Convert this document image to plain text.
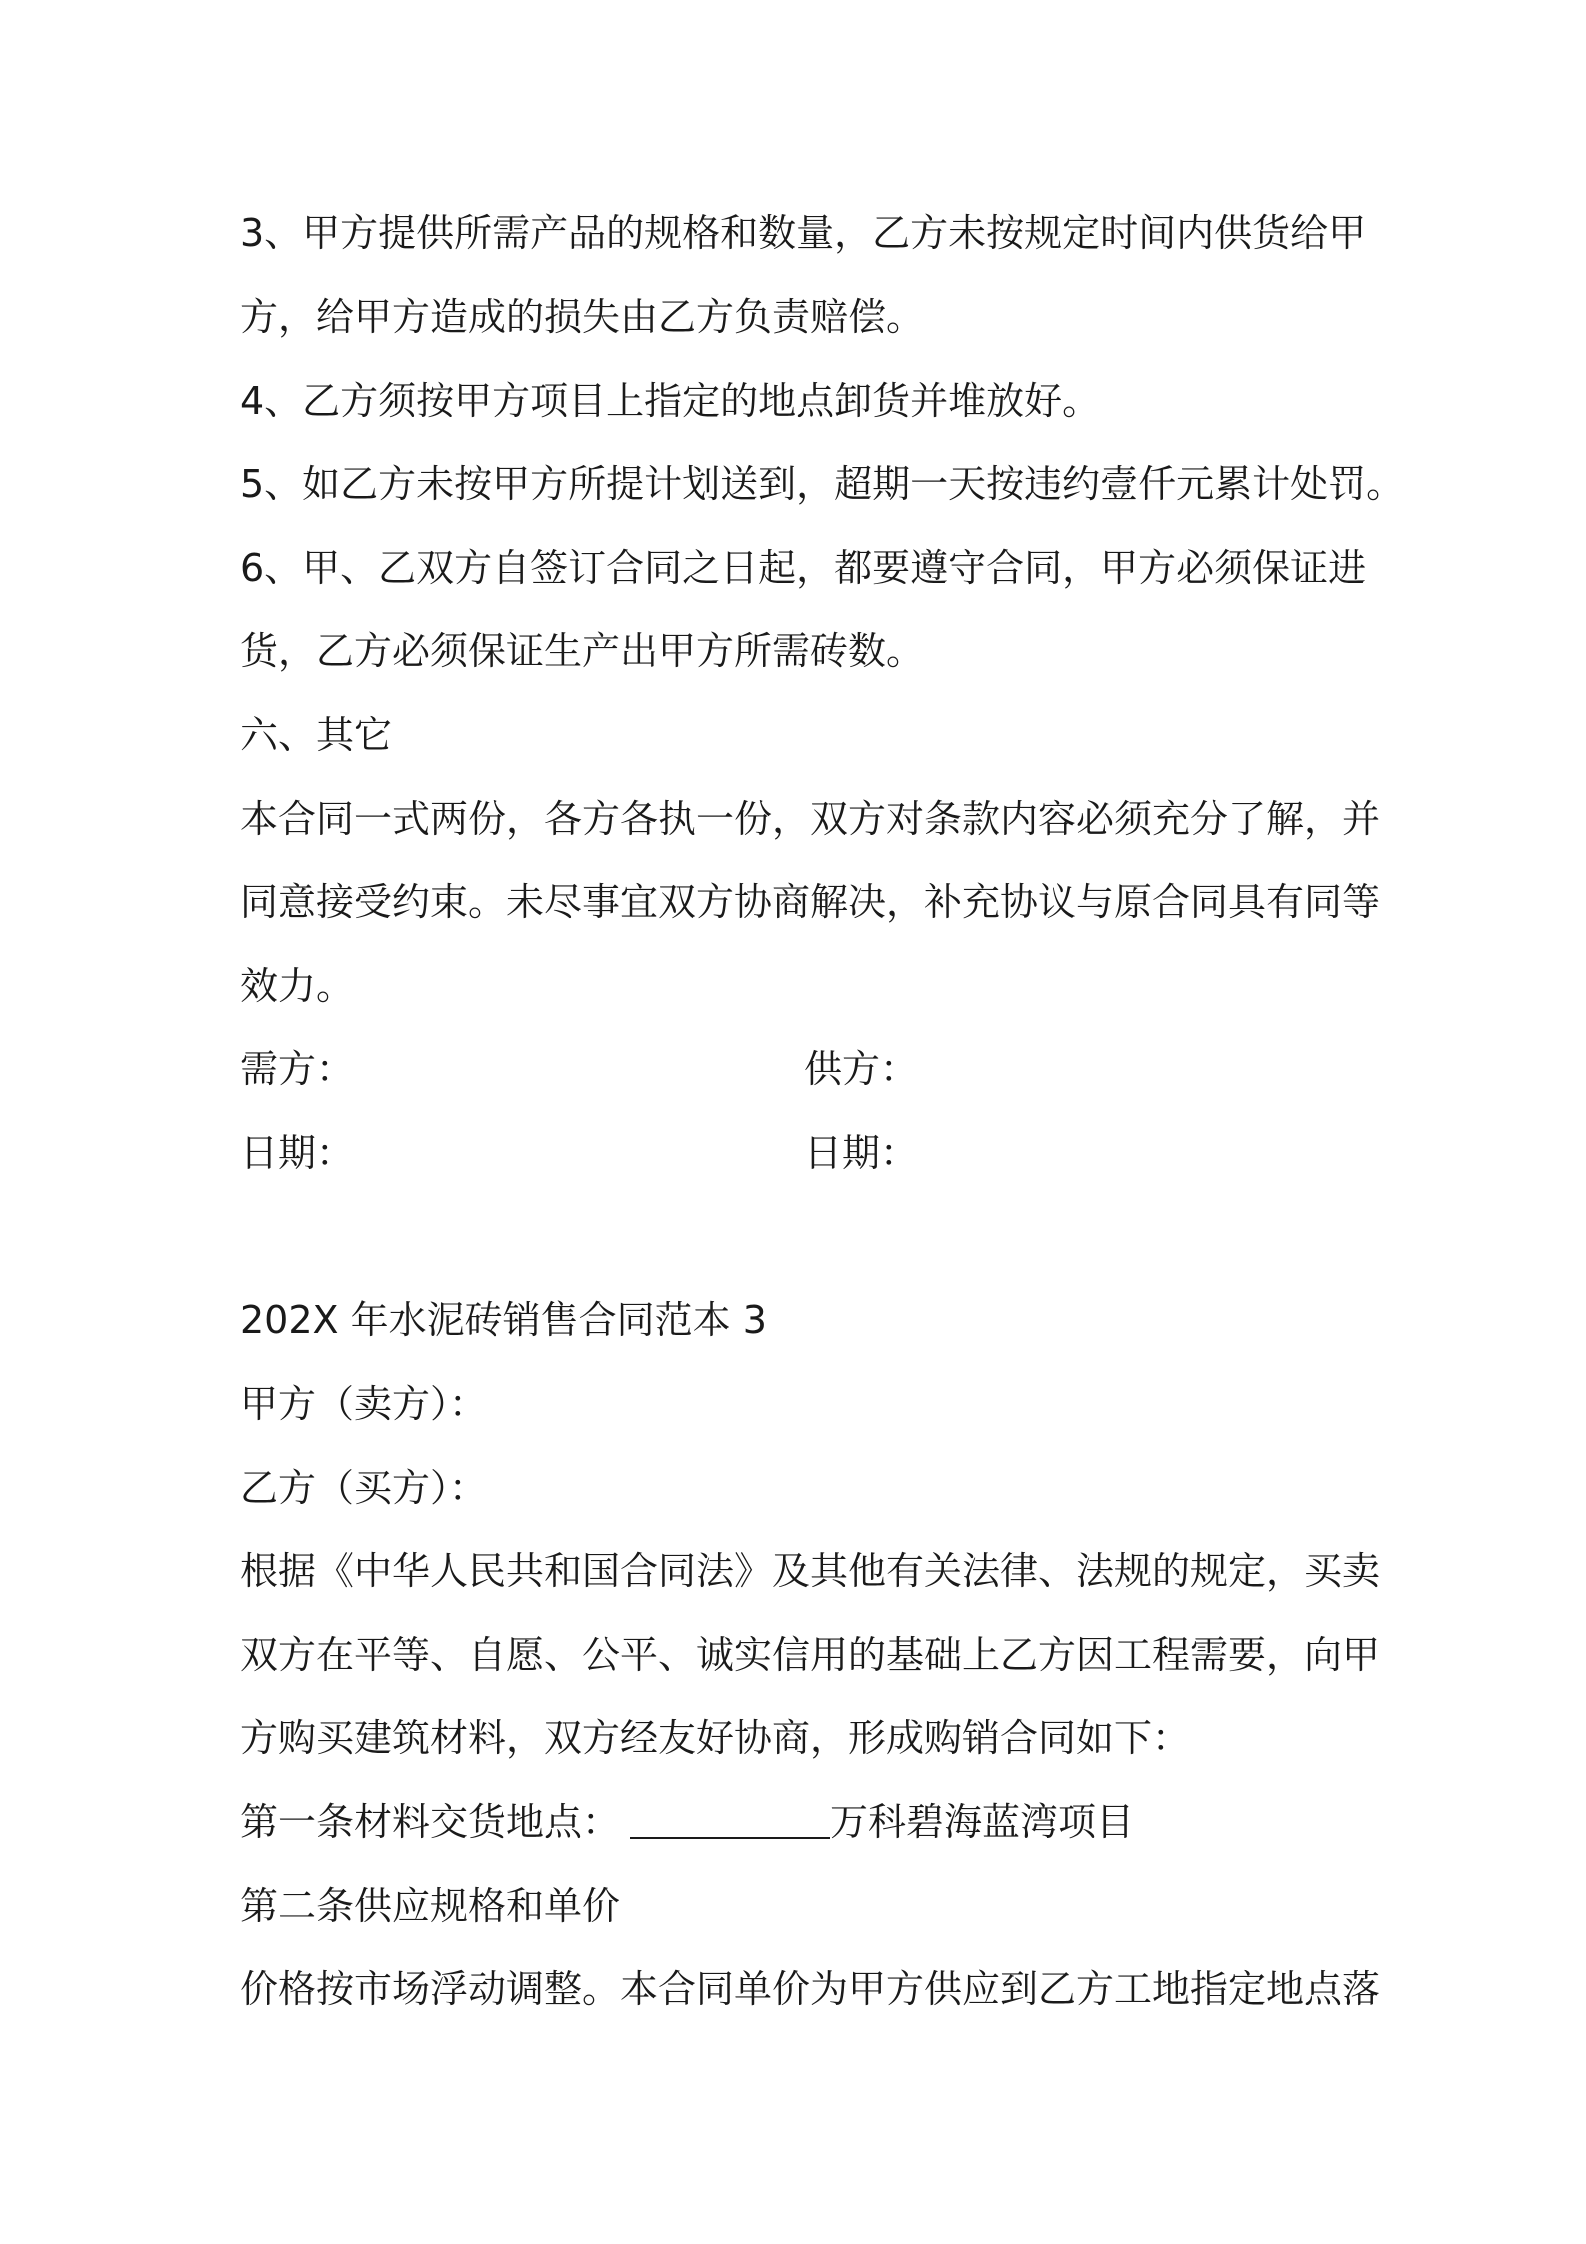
3、甲方提供所需产品的规格和数量，乙方未按规定时间内供货给甲

方，给甲方造成的损失由乙方负责赔偿。

4、乙方须按甲方项目上指定的地点卸货并堆放好。

5、如乙方未按甲方所提计划送到，超期一天按违约壹仟元累计处罚。

6、甲、乙双方自签订合同之日起，都要遵守合同，甲方必须保证进

货，乙方必须保证生产出甲方所需砖数。

六、其它

本合同一式两份，各方各执一份，双方对条款内容必须充分了解，并

同意接受约束。未尽事宜双方协商解决，补充协议与原合同具有同等

效力。

需方：	供方：

日期：	日期：

202X 年水泥砖销售合同范本 3

甲方（卖方）：

乙方（买方）：

根据《中华人民共和国合同法》及其他有关法律、法规的规定，买卖

双方在平等、自愿、公平、诚实信用的基础上乙方因工程需要，向甲

方购买建筑材料，双方经友好协商，形成购销合同如下：

第一条材料交货地点：	万科碧海蓝湾项目

第二条供应规格和单价

价格按市场浮动调整。本合同单价为甲方供应到乙方工地指定地点落
